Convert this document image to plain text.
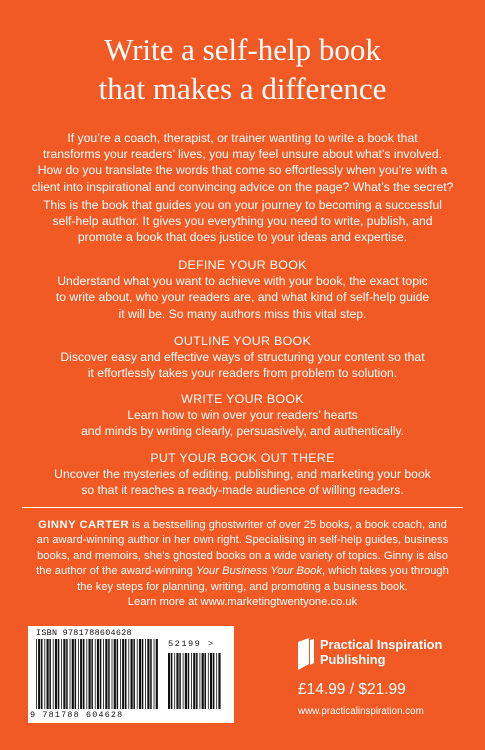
Write a self-help book
that makes a difference
If you’re a coach, therapist, or trainer wanting to write a book that
transforms your readers’ lives, you may feel unsure about what’s involved.
How do you translate the words that come so effortlessly when you’re with a
client into inspirational and convincing advice on the page? What’s the secret?
This is the book that guides you on your journey to becoming a successful
self-help author. It gives you everything you need to write, publish, and
promote a book that does justice to your ideas and expertise.
DEFINE YOUR BOOK
Understand what you want to achieve with your book, the exact topic
to write about, who your readers are, and what kind of self-help guide
it will be. So many authors miss this vital step.
OUTLINE YOUR BOOK
Discover easy and effective ways of structuring your content so that
it effortlessly takes your readers from problem to solution.
WRITE YOUR BOOK
Learn how to win over your readers’ hearts
and minds by writing clearly, persuasively, and authentically.
PUT YOUR BOOK OUT THERE
Uncover the mysteries of editing, publishing, and marketing your book
so that it reaches a ready-made audience of willing readers.
GINNY CARTER is a bestselling ghostwriter of over 25 books, a book coach, and
an award-winning author in her own right. Specialising in self-help guides, business
books, and memoirs, she’s ghosted books on a wide variety of topics. Ginny is also
the author of the award-winning Your Business Your Book, which takes you through
the key steps for planning, writing, and promoting a business book.
Learn more at www.marketingtwentyone.co.uk
ISBN 9781788604628
52199 >
9 781788 604628
Practical Inspiration
Publishing
£14.99 / $21.99
www.practicalinspiration.com
